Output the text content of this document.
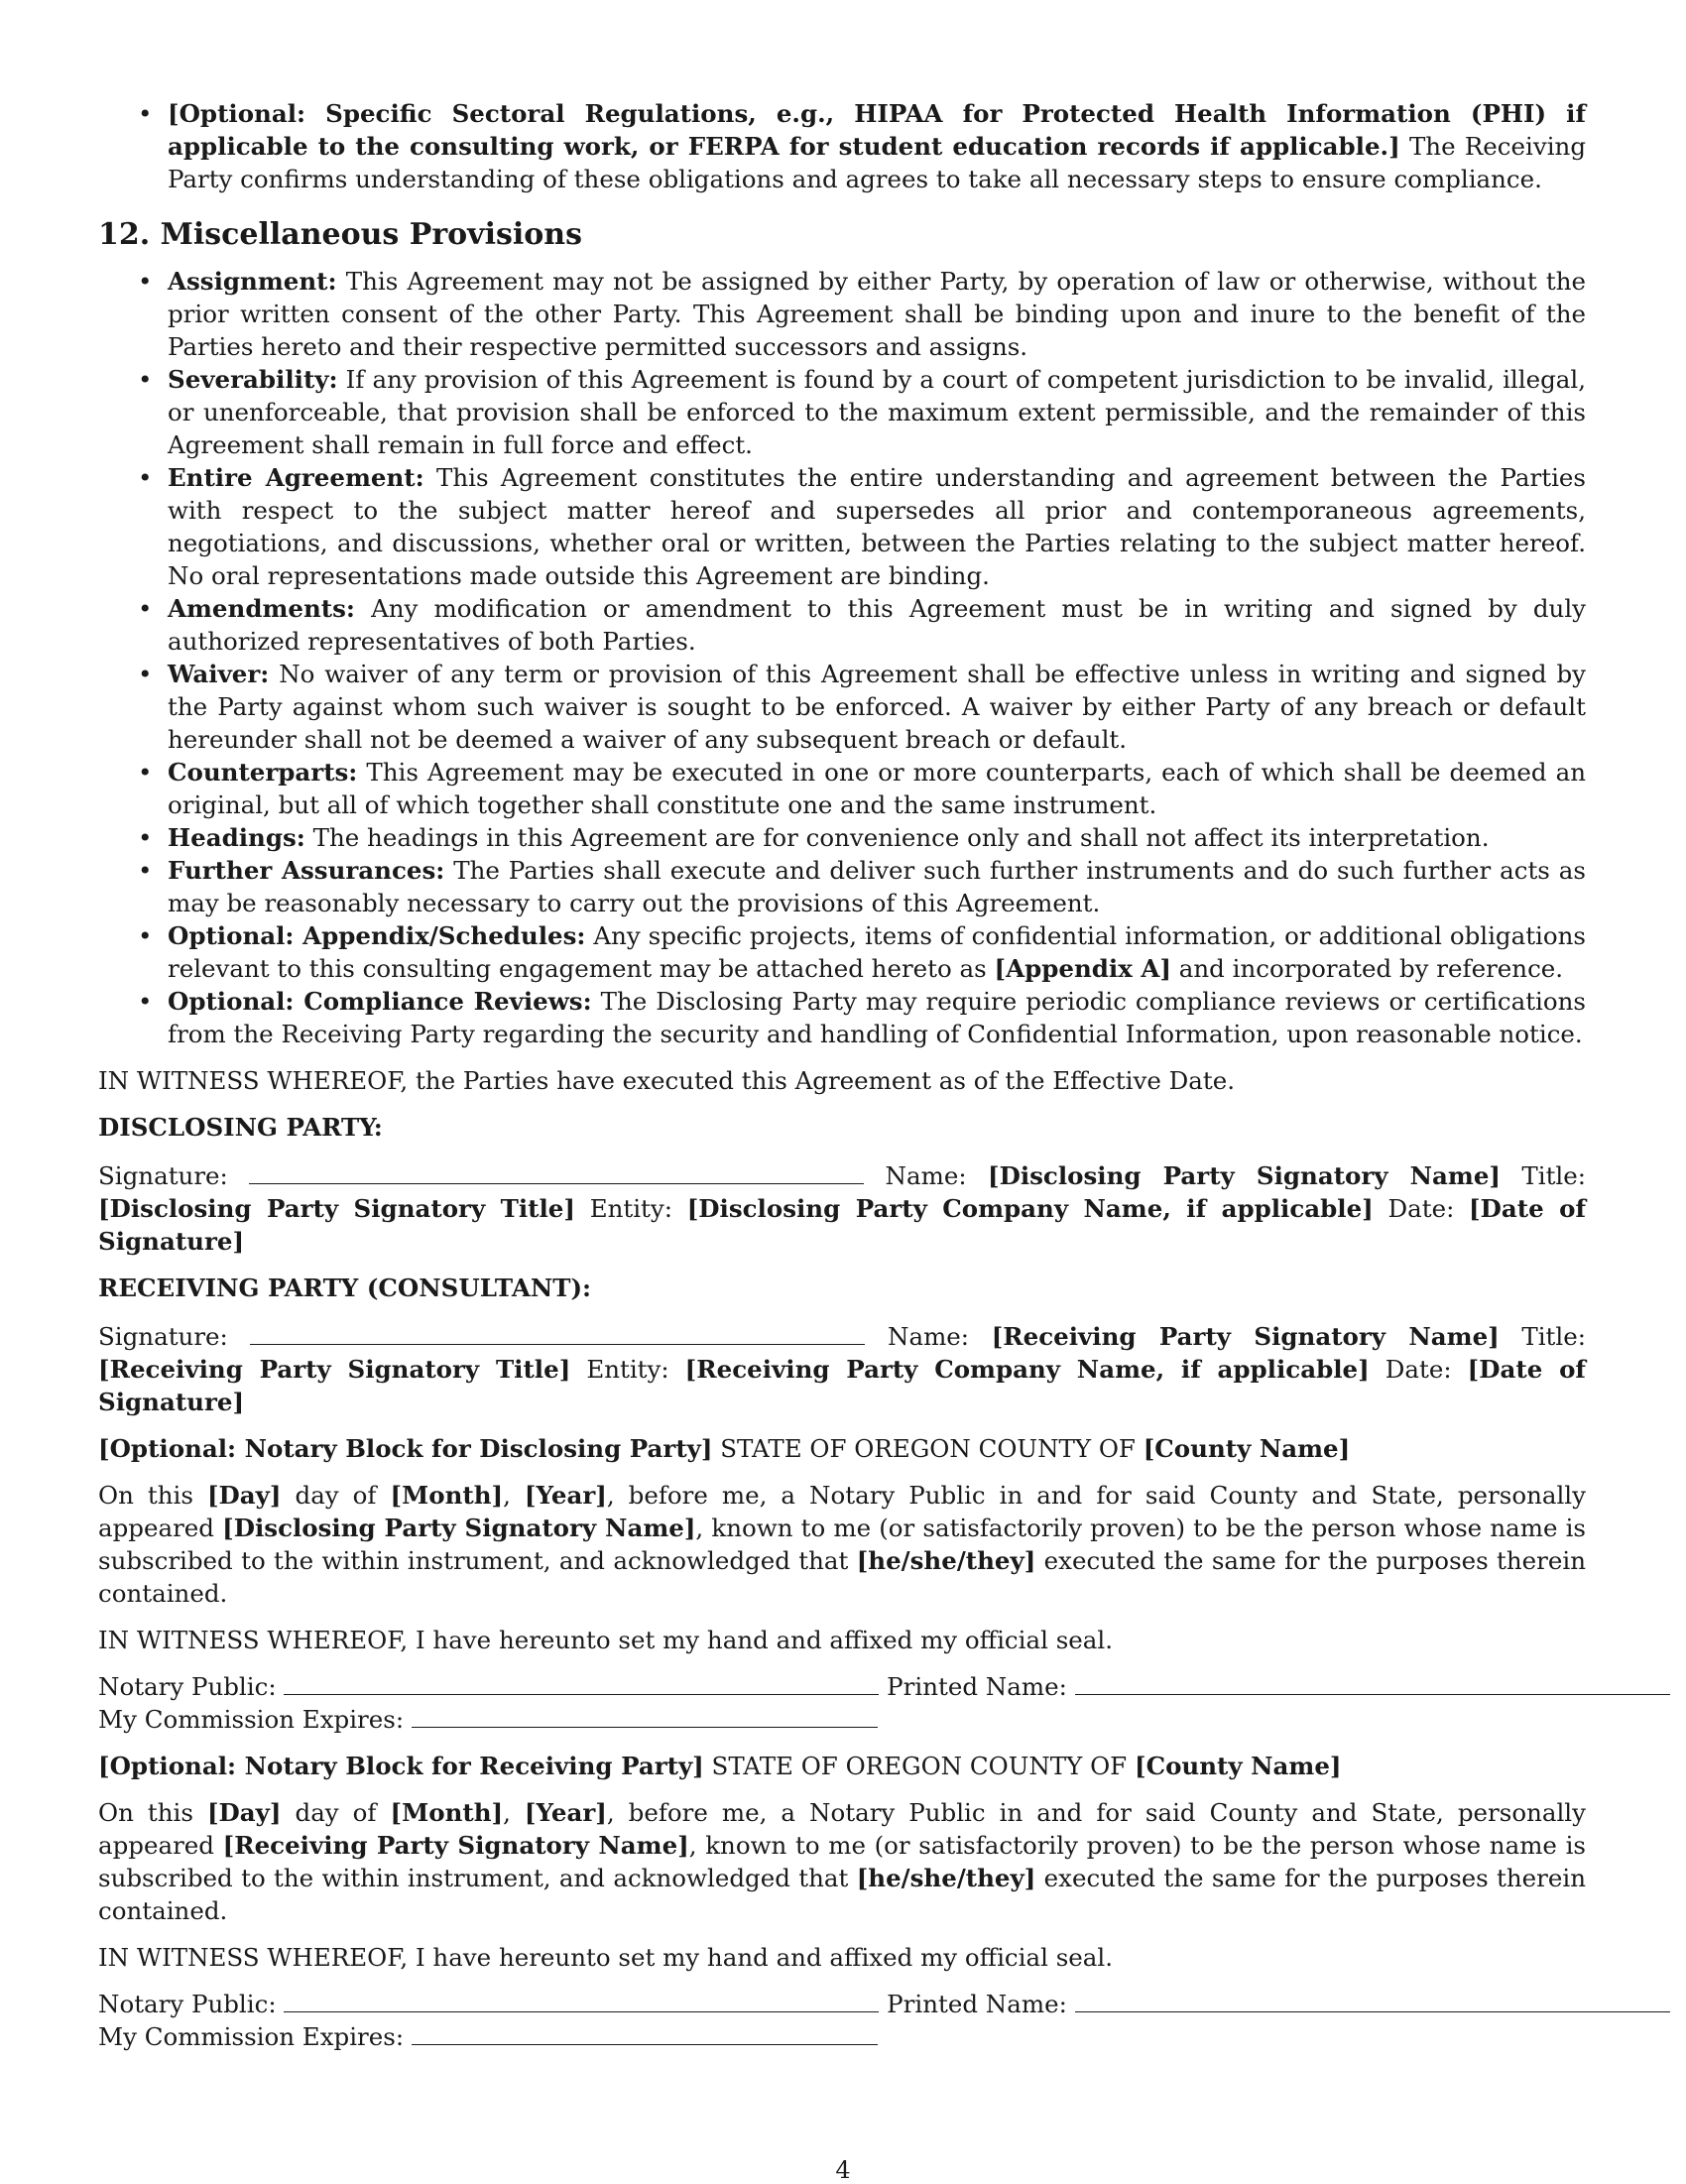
• [Optional: Specific Sectoral Regulations, e.g., HIPAA for Protected Health Information (PHI) if applicable to the consulting work, or FERPA for student education records if applicable.] The Receiving Party confirms understanding of these obligations and agrees to take all necessary steps to ensure compliance.
12. Miscellaneous Provisions
• Assignment: This Agreement may not be assigned by either Party, by operation of law or otherwise, without the prior written consent of the other Party. This Agreement shall be binding upon and inure to the benefit of the Parties hereto and their respective permitted successors and assigns.
• Severability: If any provision of this Agreement is found by a court of competent jurisdiction to be invalid, illegal, or unenforceable, that provision shall be enforced to the maximum extent permissible, and the remainder of this Agreement shall remain in full force and effect.
• Entire Agreement: This Agreement constitutes the entire understanding and agreement between the Parties with respect to the subject matter hereof and supersedes all prior and contemporaneous agreements, negotiations, and discussions, whether oral or written, between the Parties relating to the subject matter hereof. No oral representations made outside this Agreement are binding.
• Amendments: Any modification or amendment to this Agreement must be in writing and signed by duly authorized representatives of both Parties.
• Waiver: No waiver of any term or provision of this Agreement shall be effective unless in writing and signed by the Party against whom such waiver is sought to be enforced. A waiver by either Party of any breach or default hereunder shall not be deemed a waiver of any subsequent breach or default.
• Counterparts: This Agreement may be executed in one or more counterparts, each of which shall be deemed an original, but all of which together shall constitute one and the same instrument.
• Headings: The headings in this Agreement are for convenience only and shall not affect its interpretation.
• Further Assurances: The Parties shall execute and deliver such further instruments and do such further acts as may be reasonably necessary to carry out the provisions of this Agreement.
• Optional: Appendix/Schedules: Any specific projects, items of confidential information, or additional obligations relevant to this consulting engagement may be attached hereto as [Appendix A] and incorporated by reference.
• Optional: Compliance Reviews: The Disclosing Party may require periodic compliance reviews or certifications from the Receiving Party regarding the security and handling of Confidential Information, upon reasonable notice.

IN WITNESS WHEREOF, the Parties have executed this Agreement as of the Effective Date.

DISCLOSING PARTY:

Signature:	Name: [Disclosing Party Signatory Name] Title: [Disclosing Party Signatory Title] Entity: [Disclosing Party Company Name, if applicable] Date: [Date of Signature]

RECEIVING PARTY (CONSULTANT):

Signature:	Name: [Receiving Party Signatory Name] Title: [Receiving Party Signatory Title] Entity: [Receiving Party Company Name, if applicable] Date: [Date of Signature]

[Optional: Notary Block for Disclosing Party] STATE OF OREGON COUNTY OF [County Name]

On this [Day] day of [Month], [Year], before me, a Notary Public in and for said County and State, personally appeared [Disclosing Party Signatory Name], known to me (or satisfactorily proven) to be the person whose name is subscribed to the within instrument, and acknowledged that [he/she/they] executed the same for the purposes therein contained.

IN WITNESS WHEREOF, I have hereunto set my hand and affixed my official seal.

Notary Public:	Printed Name:

My Commission Expires:

[Optional: Notary Block for Receiving Party] STATE OF OREGON COUNTY OF [County Name]

On this [Day] day of [Month], [Year], before me, a Notary Public in and for said County and State, personally appeared [Receiving Party Signatory Name], known to me (or satisfactorily proven) to be the person whose name is subscribed to the within instrument, and acknowledged that [he/she/they] executed the same for the purposes therein contained.

IN WITNESS WHEREOF, I have hereunto set my hand and affixed my official seal.

Notary Public:	Printed Name:

My Commission Expires:

4
